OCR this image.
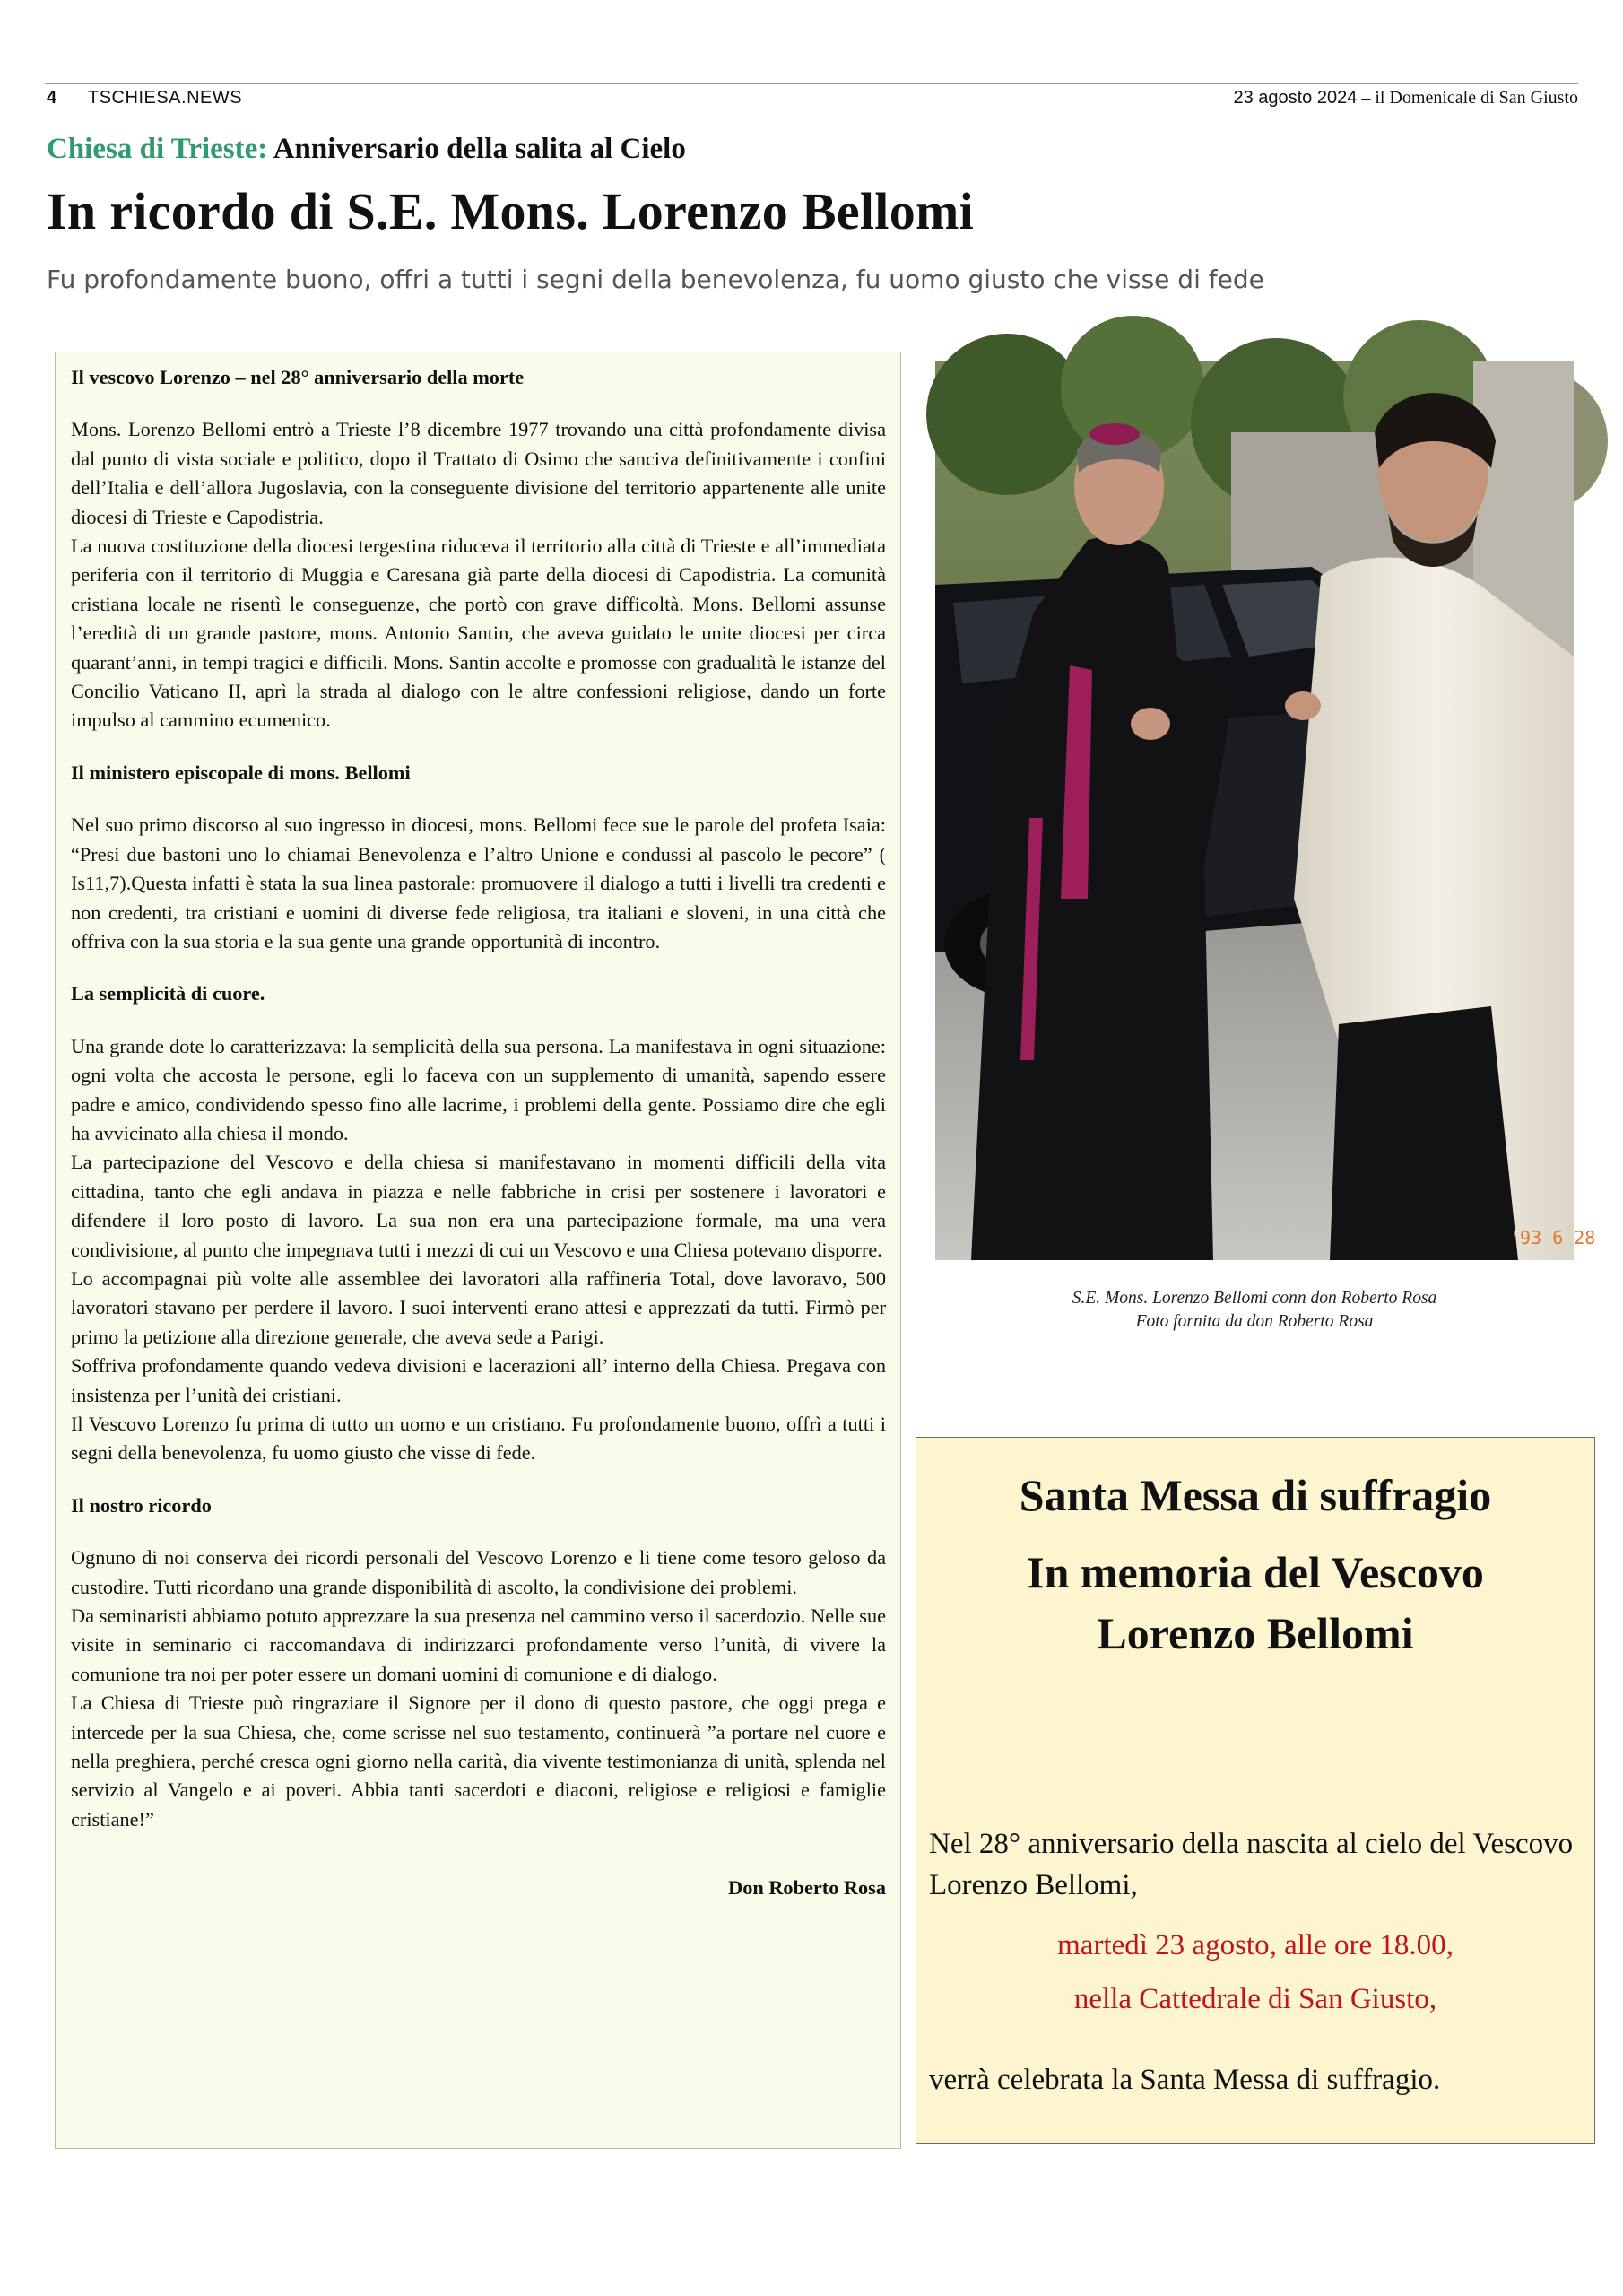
4 TSCHIESA.NEWS	23 agosto 2024 – il Domenicale di San Giusto
Chiesa di Trieste: Anniversario della salita al Cielo
In ricordo di S.E. Mons. Lorenzo Bellomi
Fu profondamente buono, offri a tutti i segni della benevolenza, fu uomo giusto che visse di fede
Il vescovo Lorenzo – nel 28° anniversario della morte

Mons. Lorenzo Bellomi entrò a Trieste l’8 dicembre 1977 trovando una città profondamente divisa dal punto di vista sociale e politico, dopo il Trattato di Osimo che sanciva definitivamente i confini dell’Italia e dell’allora Jugoslavia, con la conseguente divisione del territorio appartenente alle unite diocesi di Trieste e Capodistria.

La nuova costituzione della diocesi tergestina riduceva il territorio alla città di Trieste e all’immediata periferia con il territorio di Muggia e Caresana già parte della diocesi di Capodistria. La comunità cristiana locale ne risentì le conseguenze, che portò con grave difficoltà. Mons. Bellomi assunse l’eredità di un grande pastore, mons. Antonio Santin, che aveva guidato le unite diocesi per circa quarant’anni, in tempi tragici e difficili. Mons. Santin accolte e promosse con gradualità le istanze del Concilio Vaticano II, aprì la strada al dialogo con le altre confessioni religiose, dando un forte impulso al cammino ecumenico.

Il ministero episcopale di mons. Bellomi

Nel suo primo discorso al suo ingresso in diocesi, mons. Bellomi fece sue le parole del profeta Isaia: “Presi due bastoni uno lo chiamai Benevolenza e l’altro Unione e condussi al pascolo le pecore” ( Is11,7).Questa infatti è stata la sua linea pastorale: promuovere il dialogo a tutti i livelli tra credenti e non credenti, tra cristiani e uomini di diverse fede religiosa, tra italiani e sloveni, in una città che offriva con la sua storia e la sua gente una grande opportunità di incontro.

La semplicità di cuore.

Una grande dote lo caratterizzava: la semplicità della sua persona. La manifestava in ogni situazione: ogni volta che accosta le persone, egli lo faceva con un supplemento di umanità, sapendo essere padre e amico, condividendo spesso fino alle lacrime, i problemi della gente. Possiamo dire che egli ha avvicinato alla chiesa il mondo.

La partecipazione del Vescovo e della chiesa si manifestavano in momenti difficili della vita cittadina, tanto che egli andava in piazza e nelle fabbriche in crisi per sostenere i lavoratori e difendere il loro posto di lavoro. La sua non era una partecipazione formale, ma una vera condivisione, al punto che impegnava tutti i mezzi di cui un Vescovo e una Chiesa potevano disporre.

Lo accompagnai più volte alle assemblee dei lavoratori alla raffineria Total, dove lavoravo, 500 lavoratori stavano per perdere il lavoro. I suoi interventi erano attesi e apprezzati da tutti. Firmò per primo la petizione alla direzione generale, che aveva sede a Parigi.

Soffriva profondamente quando vedeva divisioni e lacerazioni all’ interno della Chiesa. Pregava con insistenza per l’unità dei cristiani.

Il Vescovo Lorenzo fu prima di tutto un uomo e un cristiano. Fu profondamente buono, offrì a tutti i segni della benevolenza, fu uomo giusto che visse di fede.

Il nostro ricordo

Ognuno di noi conserva dei ricordi personali del Vescovo Lorenzo e li tiene come tesoro geloso da custodire. Tutti ricordano una grande disponibilità di ascolto, la condivisione dei problemi.

Da seminaristi abbiamo potuto apprezzare la sua presenza nel cammino verso il sacerdozio. Nelle sue visite in seminario ci raccomandava di indirizzarci profondamente verso l’unità, di vivere la comunione tra noi per poter essere un domani uomini di comunione e di dialogo.

La Chiesa di Trieste può ringraziare il Signore per il dono di questo pastore, che oggi prega e intercede per la sua Chiesa, che, come scrisse nel suo testamento, continuerà ”a portare nel cuore e nella preghiera, perché cresca ogni giorno nella carità, dia vivente testimonianza di unità, splenda nel servizio al Vangelo e ai poveri. Abbia tanti sacerdoti e diaconi, religiose e religiosi e famiglie cristiane!”

Don Roberto Rosa

'93 6 28
S.E. Mons. Lorenzo Bellomi conn don Roberto Rosa
Foto fornita da don Roberto Rosa
Santa Messa di suffragio
In memoria del Vescovo
Lorenzo Bellomi
Nel 28° anniversario della nascita al cielo del Vescovo Lorenzo Bellomi,
martedì 23 agosto, alle ore 18.00,
nella Cattedrale di San Giusto,
verrà celebrata la Santa Messa di suffragio.
